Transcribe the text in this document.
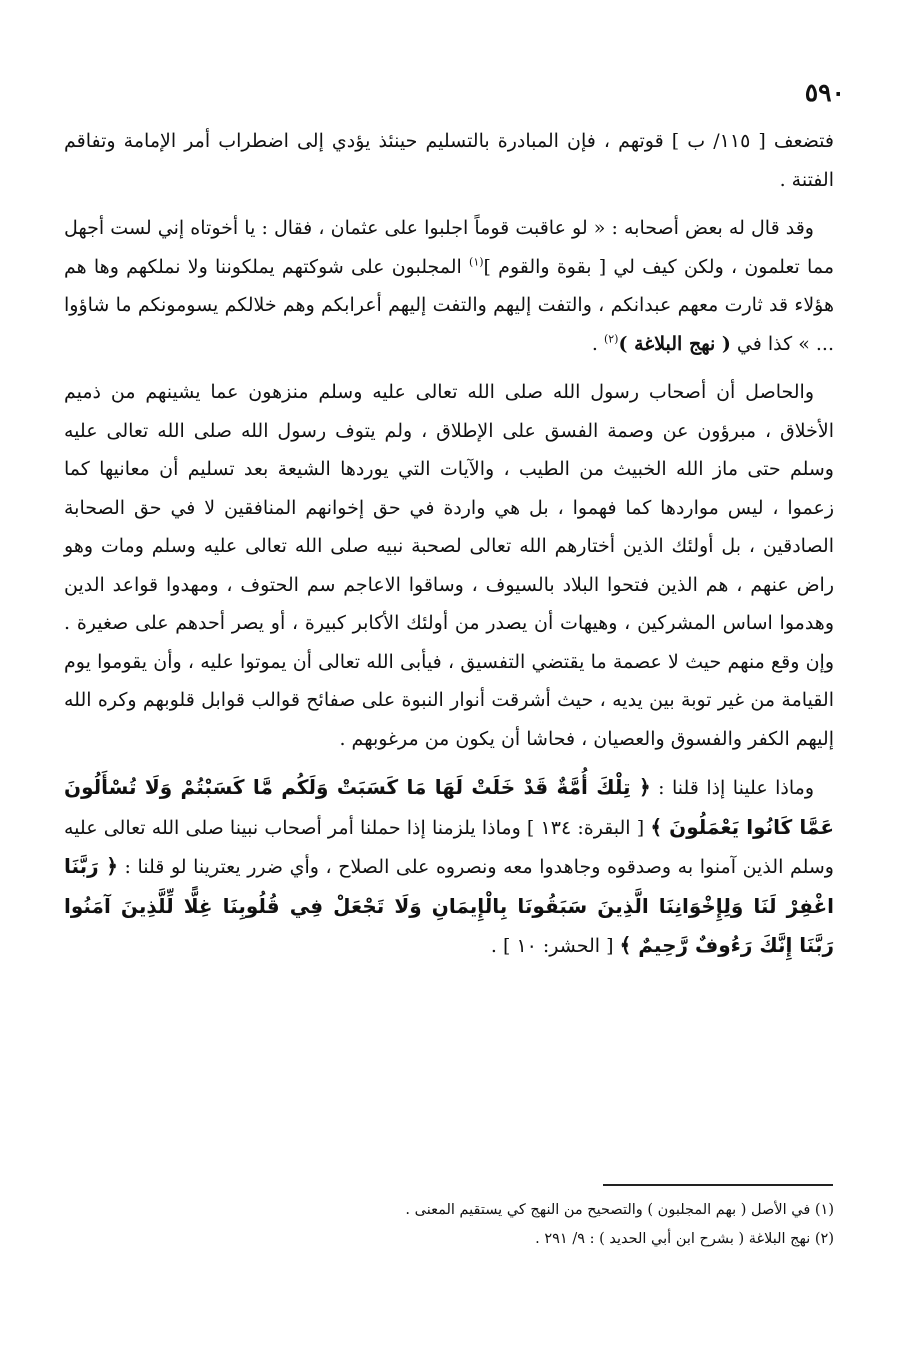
٥٩٠

فتضعف [ ١١٥/ ب ] قوتهم ، فإن المبادرة بالتسليم حينئذ يؤدي إلى اضطراب أمر الإمامة وتفاقم الفتنة .

وقد قال له بعض أصحابه : « لو عاقبت قوماً اجلبوا على عثمان ، فقال : يا أخوتاه إني لست أجهل مما تعلمون ، ولكن كيف لي [ بقوة والقوم ]$^{(١)}$ المجلبون على شوكتهم يملكوننا ولا نملكهم وها هم هؤلاء قد ثارت معهم عبدانكم ، والتفت إليهم والتفت إليهم أعرابكم وهم خلالكم يسومونكم ما شاؤوا ... » كذا في ( نهج البلاغة )$^{(٢)}$ .

والحاصل أن أصحاب رسول الله صلى الله تعالى عليه وسلم منزهون عما يشينهم من ذميم الأخلاق ، مبرؤون عن وصمة الفسق على الإطلاق ، ولم يتوف رسول الله صلى الله تعالى عليه وسلم حتى ماز الله الخبيث من الطيب ، والآيات التي يوردها الشيعة بعد تسليم أن معانيها كما زعموا ، ليس مواردها كما فهموا ، بل هي واردة في حق إخوانهم المنافقين لا في حق الصحابة الصادقين ، بل أولئك الذين أختارهم الله تعالى لصحبة نبيه صلى الله تعالى عليه وسلم ومات وهو راض عنهم ، هم الذين فتحوا البلاد بالسيوف ، وساقوا الاعاجم سم الحتوف ، ومهدوا قواعد الدين وهدموا اساس المشركين ، وهيهات أن يصدر من أولئك الأكابر كبيرة ، أو يصر أحدهم على صغيرة . وإن وقع منهم حيث لا عصمة ما يقتضي التفسيق ، فيأبى الله تعالى أن يموتوا عليه ، وأن يقوموا يوم القيامة من غير توبة بين يديه ، حيث أشرقت أنوار النبوة على صفائح قوالب قوابل قلوبهم وكره الله إليهم الكفر والفسوق والعصيان ، فحاشا أن يكون من مرغوبهم .

وماذا علينا إذا قلنا : ﴿ تِلْكَ أُمَّةٌ قَدْ خَلَتْ لَهَا مَا كَسَبَتْ وَلَكُم مَّا كَسَبْتُمْ وَلَا تُسْأَلُونَ عَمَّا كَانُوا يَعْمَلُونَ ﴾ [ البقرة: ١٣٤ ] وماذا يلزمنا إذا حملنا أمر أصحاب نبينا صلى الله تعالى عليه وسلم الذين آمنوا به وصدقوه وجاهدوا معه ونصروه على الصلاح ، وأي ضرر يعترينا لو قلنا : ﴿ رَبَّنَا اغْفِرْ لَنَا وَلِإِخْوَانِنَا الَّذِينَ سَبَقُونَا بِالْإِيمَانِ وَلَا تَجْعَلْ فِي قُلُوبِنَا غِلًّا لِّلَّذِينَ آمَنُوا رَبَّنَا إِنَّكَ رَءُوفٌ رَّحِيمٌ ﴾ [ الحشر: ١٠ ] .

(١) في الأصل ( بهم المجلبون ) والتصحيح من النهج كي يستقيم المعنى .

(٢) نهج البلاغة ( بشرح ابن أبي الحديد ) : ٩/ ٢٩١ .
